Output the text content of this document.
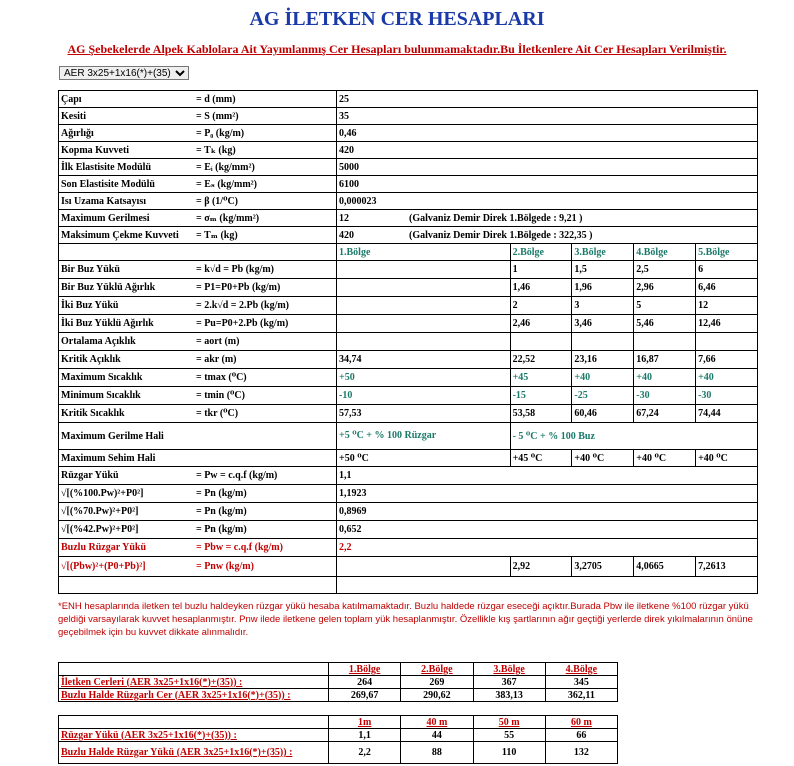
AG İLETKEN CER HESAPLARI
AG Şebekelerde Alpek Kablolara Ait Yayımlanmış Cer Hesapları bulunmamaktadır.Bu İletkenlere Ait Cer Hesapları Verilmiştir.
AER 3x25+1x16(*)+(35)
Çapı = d (mm)	25				
Kesiti = S (mm²)	35				
Ağırlığı = P₀ (kg/m)	0,46				
Kopma Kuvveti = Tₖ (kg)	420				
İlk Elastisite Modülü = Eᵢ (kg/mm²)	5000				
Son Elastisite Modülü = Eₛ (kg/mm²)	6100				
Isı Uzama Katsayısı = β (1/⁰C)	0,000023				
Maximum Gerilmesi = σₘ (kg/mm²)	12 (Galvaniz Demir Direk 1.Bölgede : 9,21 )				
Maksimum Çekme Kuvveti = Tₘ (kg)	420 (Galvaniz Demir Direk 1.Bölgede : 322,35 )				
	1.Bölge	2.Bölge	3.Bölge	4.Bölge	5.Bölge
Bir Buz Yükü = k√d = Pb (kg/m)		1	1,5	2,5	6
Bir Buz Yüklü Ağırlık = P1=P0+Pb (kg/m)		1,46	1,96	2,96	6,46
İki Buz Yükü = 2.k√d = 2.Pb (kg/m)		2	3	5	12
İki Buz Yüklü Ağırlık = Pu=P0+2.Pb (kg/m)		2,46	3,46	5,46	12,46
Ortalama Açıklık = aort (m)					
Kritik Açıklık = akr (m)	34,74	22,52	23,16	16,87	7,66
Maximum Sıcaklık = tmax (⁰C)	+50	+45	+40	+40	+40
Minimum Sıcaklık = tmin (⁰C)	-10	-15	-25	-30	-30
Kritik Sıcaklık = tkr (⁰C)	57,53	53,58	60,46	67,24	74,44
Maximum Gerilme Hali	+5 ⁰C + % 100 Rüzgar	- 5 ⁰C + % 100 Buz			
Maximum Sehim Hali	+50 ⁰C	+45 ⁰C	+40 ⁰C	+40 ⁰C	+40 ⁰C
Rüzgar Yükü = Pw = c.q.f (kg/m)	1,1				
√[(%100.Pw)²+P0²] = Pn (kg/m)	1,1923				
√[(%70.Pw)²+P0²] = Pn (kg/m)	0,8969				
√[(%42.Pw)²+P0²] = Pn (kg/m)	0,652				
Buzlu Rüzgar Yükü = Pbw = c.q.f (kg/m)	2,2				
√[(Pbw)²+(P0+Pb)²] = Pnw (kg/m)		2,92	3,2705	4,0665	7,2613

*ENH hesaplarında iletken tel buzlu haldeyken rüzgar yükü hesaba katılmamaktadır. Buzlu haldede rüzgar eseceği açıktır.Burada Pbw ile iletkene %100 rüzgar yükü geldiği varsayılarak kuvvet hesaplanmıştır. Pnw ilede iletkene gelen toplam yük hesaplanmıştır. Özellikle kış şartlarının ağır geçtiği yerlerde direk yıkılmalarının önüne geçebilmek için bu kuvvet dikkate alınmalıdır.
	1.Bölge	2.Bölge	3.Bölge	4.Bölge
İletken Cerleri (AER 3x25+1x16(*)+(35)) :	264	269	367	345
Buzlu Halde Rüzgarlı Cer (AER 3x25+1x16(*)+(35)) :	269,67	290,62	383,13	362,11

	1m	40 m	50 m	60 m
Rüzgar Yükü (AER 3x25+1x16(*)+(35)) :	1,1	44	55	66
Buzlu Halde Rüzgar Yükü (AER 3x25+1x16(*)+(35)) :	2,2	88	110	132
